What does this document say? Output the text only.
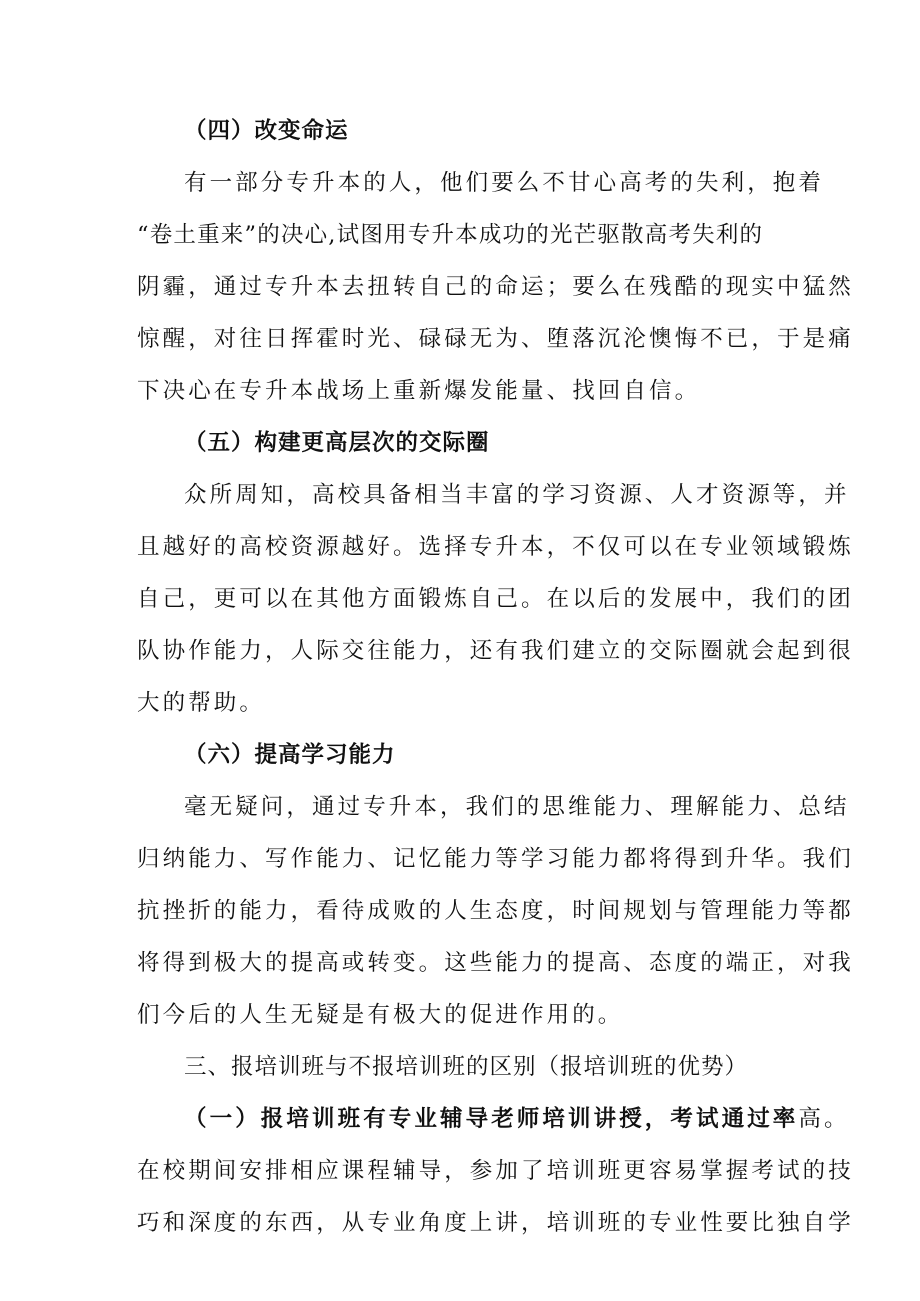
（四）改变命运
有一部分专升本的人，他们要么不甘心高考的失利，抱着
“卷土重来”的决心,试图用专升本成功的光芒驱散高考失利的
阴霾，通过专升本去扭转自己的命运；要么在残酷的现实中猛然
惊醒，对往日挥霍时光、碌碌无为、堕落沉沦懊悔不已，于是痛
下决心在专升本战场上重新爆发能量、找回自信。
（五）构建更高层次的交际圈
众所周知，高校具备相当丰富的学习资源、人才资源等，并
且越好的高校资源越好。选择专升本，不仅可以在专业领域锻炼
自己，更可以在其他方面锻炼自己。在以后的发展中，我们的团
队协作能力，人际交往能力，还有我们建立的交际圈就会起到很
大的帮助。
（六）提高学习能力
毫无疑问，通过专升本，我们的思维能力、理解能力、总结
归纳能力、写作能力、记忆能力等学习能力都将得到升华。我们
抗挫折的能力，看待成败的人生态度，时间规划与管理能力等都
将得到极大的提高或转变。这些能力的提高、态度的端正，对我
们今后的人生无疑是有极大的促进作用的。
三、报培训班与不报培训班的区别（报培训班的优势）
（一）报培训班有专业辅导老师培训讲授，考试通过率高。
在校期间安排相应课程辅导，参加了培训班更容易掌握考试的技
巧和深度的东西，从专业角度上讲，培训班的专业性要比独自学
